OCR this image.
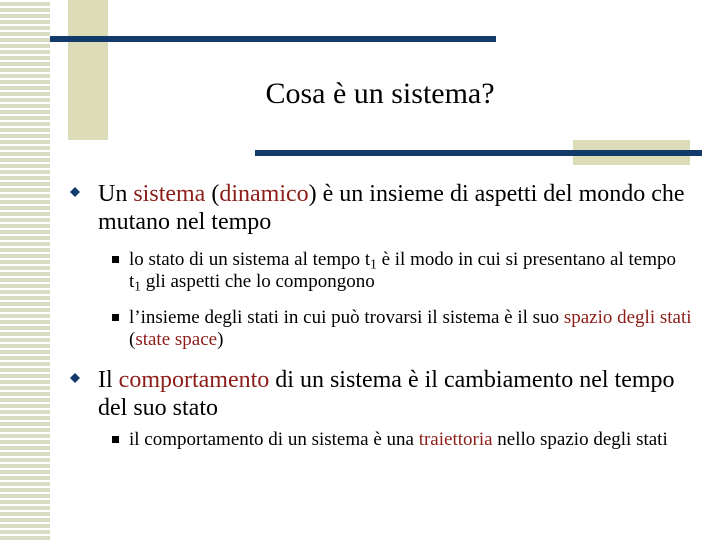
Cosa è un sistema?
Un sistema (dinamico) è un insieme di aspetti del mondo che mutano nel tempo
lo stato di un sistema al tempo $t_1$ è il modo in cui si presentano al tempo $t_1$ gli aspetti che lo compongono
l’insieme degli stati in cui può trovarsi il sistema è il suo spazio degli stati (state space)
Il comportamento di un sistema è il cambiamento nel tempo del suo stato
il comportamento di un sistema è una traiettoria nello spazio degli stati
